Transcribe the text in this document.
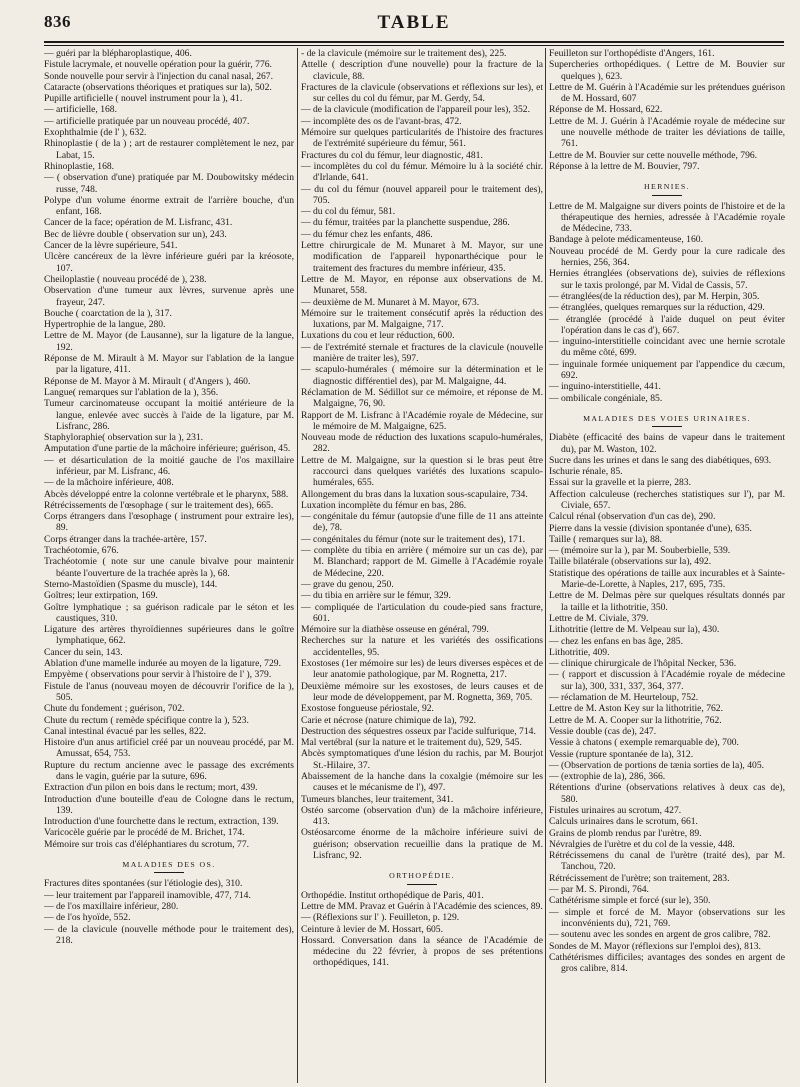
836	TABLE
— guéri par la blépharoplastique, 406.
Fistule lacrymale, et nouvelle opération pour la guérir, 776.
Sonde nouvelle pour servir à l'injection du canal nasal, 267.
Cataracte (observations théoriques et pratiques sur la), 502.
Pupille artificielle ( nouvel instrument pour la ), 41.
— artificielle, 168.
— artificielle pratiquée par un nouveau procédé, 407.
Exophthalmie (de l' ), 632.
Rhinoplastie ( de la ) ; art de restaurer complètement le nez, par Labat, 15.
Rhinoplastie, 168.
— ( observation d'une) pratiquée par M. Doubowitsky médecin russe, 748.
Polype d'un volume énorme extrait de l'arrière bouche, d'un enfant, 168.
Cancer de la face; opération de M. Lisfranc, 431.
Bec de lièvre double ( observation sur un), 243.
Cancer de la lèvre supérieure, 541.
Ulcère cancéreux de la lèvre inférieure guéri par la kréosote, 107.
Cheiloplastie ( nouveau procédé de ), 238.
Observation d'une tumeur aux lèvres, survenue après une frayeur, 247.
Bouche ( coarctation de la ), 317.
Hypertrophie de la langue, 280.
Lettre de M. Mayor (de Lausanne), sur la ligature de la langue, 192.
Réponse de M. Mirault à M. Mayor sur l'ablation de la langue par la ligature, 411.
Réponse de M. Mayor à M. Mirault ( d'Angers ), 460.
Langue( remarques sur l'ablation de la ), 356.
Tumeur carcinomateuse occupant la moitié antérieure de la langue, enlevée avec succès à l'aide de la ligature, par M. Lisfranc, 286.
Staphyloraphie( observation sur la ), 231.
Amputation d'une partie de la mâchoire inférieure; guérison, 45.
— et désarticulation de la moitié gauche de l'os maxillaire inférieur, par M. Lisfranc, 46.
— de la mâchoire inférieure, 408.
Abcès développé entre la colonne vertébrale et le pharynx, 588.
Rétrécissements de l'œsophage ( sur le traitement des), 665.
Corps étrangers dans l'œsophage ( instrument pour extraire les), 89.
Corps étranger dans la trachée-artère, 157.
Trachéotomie, 676.
Trachéotomie ( note sur une canule bivalve pour maintenir béante l'ouverture de la trachée après la ), 68.
Sterno-Mastoïdien (Spasme du muscle), 144.
Goîtres; leur extirpation, 169.
Goître lymphatique ; sa guérison radicale par le séton et les caustiques, 310.
Ligature des artères thyroïdiennes supérieures dans le goître lymphatique, 662.
Cancer du sein, 143.
Ablation d'une mamelle indurée au moyen de la ligature, 729.
Empyème ( observations pour servir à l'histoire de l' ), 379.
Fistule de l'anus (nouveau moyen de découvrir l'orifice de la ), 505.
Chute du fondement ; guérison, 702.
Chute du rectum ( remède spécifique contre la ), 523.
Canal intestinal évacué par les selles, 822.
Histoire d'un anus artificiel créé par un nouveau procédé, par M. Amussat, 654, 753.
Rupture du rectum ancienne avec le passage des excréments dans le vagin, guérie par la suture, 696.
Extraction d'un pilon en bois dans le rectum; mort, 439.
Introduction d'une bouteille d'eau de Cologne dans le rectum, 139.
Introduction d'une fourchette dans le rectum, extraction, 139.
Varicocèle guérie par le procédé de M. Brichet, 174.
Mémoire sur trois cas d'éléphantiares du scrotum, 77.
MALADIES DES OS.
Fractures dites spontanées (sur l'étiologie des), 310.
— leur traitement par l'appareil inamovible, 477, 714.
— de l'os maxillaire inférieur, 280.
— de l'os hyoïde, 552.
— de la clavicule (nouvelle méthode pour le traitement des), 218.
- de la clavicule (mémoire sur le traitement des), 225.
Attelle ( description d'une nouvelle) pour la fracture de la clavicule, 88.
Fractures de la clavicule (observations et réflexions sur les), et sur celles du col du fémur, par M. Gerdy, 54.
— de la clavicule (modification de l'appareil pour les), 352.
— incomplète des os de l'avant-bras, 472.
Mémoire sur quelques particularités de l'histoire des fractures de l'extrémité supérieure du fémur, 561.
Fractures du col du fémur, leur diagnostic, 481.
— incomplètes du col du fémur. Mémoire lu à la société chir. d'Irlande, 641.
— du col du fémur (nouvel appareil pour le traitement des), 705.
— du col du fémur, 581.
— du fémur, traitées par la planchette suspendue, 286.
— du fémur chez les enfants, 486.
Lettre chirurgicale de M. Munaret à M. Mayor, sur une modification de l'appareil hyponarthécique pour le traitement des fractures du membre inférieur, 435.
Lettre de M. Mayor, en réponse aux observations de M. Munaret, 558.
— deuxième de M. Munaret à M. Mayor, 673.
Mémoire sur le traitement consécutif après la réduction des luxations, par M. Malgaigne, 717.
Luxations du cou et leur réduction, 600.
— de l'extrémité sternale et fractures de la clavicule (nouvelle manière de traiter les), 597.
— scapulo-humérales ( mémoire sur la détermination et le diagnostic différentiel des), par M. Malgaigne, 44.
Réclamation de M. Sédillot sur ce mémoire, et réponse de M. Malgaigne, 76, 90.
Rapport de M. Lisfranc à l'Académie royale de Médecine, sur le mémoire de M. Malgaigne, 625.
Nouveau mode de réduction des luxations scapulo-humérales, 282.
Lettre de M. Malgaigne, sur la question si le bras peut être raccourci dans quelques variétés des luxations scapulo-humérales, 655.
Allongement du bras dans la luxation sous-scapulaire, 734.
Luxation incomplète du fémur en bas, 286.
— congénitale du fémur (autopsie d'une fille de 11 ans atteinte de), 78.
— congénitales du fémur (note sur le traitement des), 171.
— complète du tibia en arrière ( mémoire sur un cas de), par M. Blanchard; rapport de M. Gimelle à l'Académie royale de Médecine, 220.
— grave du genou, 250.
— du tibia en arrière sur le fémur, 329.
— compliquée de l'articulation du coude-pied sans fracture, 601.
Mémoire sur la diathèse osseuse en général, 799.
Recherches sur la nature et les variétés des ossifications accidentelles, 95.
Exostoses (1er mémoire sur les) de leurs diverses espèces et de leur anatomie pathologique, par M. Rognetta, 217.
Deuxième mémoire sur les exostoses, de leurs causes et de leur mode de développement, par M. Rognetta, 369, 705.
Exostose fongueuse périostale, 92.
Carie et nécrose (nature chimique de la), 792.
Destruction des séquestres osseux par l'acide sulfurique, 714.
Mal vertébral (sur la nature et le traitement du), 529, 545.
Abcès symptomatiques d'une lésion du rachis, par M. Bourjot St.-Hilaire, 37.
Abaissement de la hanche dans la coxalgie (mémoire sur les causes et le mécanisme de l'), 497.
Tumeurs blanches, leur traitement, 341.
Ostéo sarcome (observation d'un) de la mâchoire inférieure, 413.
Ostéosarcome énorme de la mâchoire inférieure suivi de guérison; observation recueillie dans la pratique de M. Lisfranc, 92.
ORTHOPÉDIE.
Orthopédie. Institut orthopédique de Paris, 401.
Lettre de MM. Pravaz et Guérin à l'Académie des sciences, 89.
— (Réflexions sur l' ). Feuilleton, p. 129.
Ceinture à levier de M. Hossart, 605.
Hossard. Conversation dans la séance de l'Académie de médecine du 22 février, à propos de ses prétentions orthopédiques, 141.
Feuilleton sur l'orthopédiste d'Angers, 161.
Supercheries orthopédiques. ( Lettre de M. Bouvier sur quelques ), 623.
Lettre de M. Guérin à l'Académie sur les prétendues guérison de M. Hossard, 607
Réponse de M. Hossard, 622.
Lettre de M. J. Guérin à l'Académie royale de médecine sur une nouvelle méthode de traiter les déviations de taille, 761.
Lettre de M. Bouvier sur cette nouvelle méthode, 796.
Réponse à la lettre de M. Bouvier, 797.
HERNIES.
Lettre de M. Malgaigne sur divers points de l'histoire et de la thérapeutique des hernies, adressée à l'Académie royale de Médecine, 733.
Bandage à pelote médicamenteuse, 160.
Nouveau procédé de M. Gerdy pour la cure radicale des hernies, 256, 364.
Hernies étranglées (observations de), suivies de réflexions sur le taxis prolongé, par M. Vidal de Cassis, 57.
— étranglées(de la réduction des), par M. Herpin, 305.
— étranglées, quelques remarques sur la réduction, 429.
— étranglée (procédé à l'aide duquel on peut éviter l'opération dans le cas d'), 667.
— inguino-interstitielle coincidant avec une hernie scrotale du même côté, 699.
— inguinale formée uniquement par l'appendice du cæcum, 692.
— inguino-interstitielle, 441.
— ombilicale congéniale, 85.
MALADIES DES VOIES URINAIRES.
Diabète (efficacité des bains de vapeur dans le traitement du), par M. Waston, 102.
Sucre dans les urines et dans le sang des diabétiques, 693.
Ischurie rénale, 85.
Essai sur la gravelle et la pierre, 283.
Affection calculeuse (recherches statistiques sur l'), par M. Civiale, 657.
Calcul rénal (observation d'un cas de), 290.
Pierre dans la vessie (division spontanée d'une), 635.
Taille ( remarques sur la), 88.
— (mémoire sur la ), par M. Souberbielle, 539.
Taille bilatérale (observations sur la), 492.
Statistique des opérations de taille aux incurables et à Sainte-Marie-de-Lorette, à Naples, 217, 695, 735.
Lettre de M. Delmas père sur quelques résultats donnés par la taille et la lithotritie, 350.
Lettre de M. Civiale, 379.
Lithotritie (lettre de M. Velpeau sur la), 430.
— chez les enfans en bas âge, 285.
Lithotritie, 409.
— clinique chirurgicale de l'hôpital Necker, 536.
— ( rapport et discussion à l'Académie royale de médecine sur la), 300, 331, 337, 364, 377.
— réclamation de M. Heurteloup, 752.
Lettre de M. Aston Key sur la lithotritie, 762.
Lettre de M. A. Cooper sur la lithotritie, 762.
Vessie double (cas de), 247.
Vessie à chatons ( exemple remarquable de), 700.
Vessie (rupture spontanée de la), 312.
— (Observation de portions de tænia sorties de la), 405.
— (extrophie de la), 286, 366.
Rétentions d'urine (observations relatives à deux cas de), 580.
Fistules urinaires au scrotum, 427.
Calculs urinaires dans le scrotum, 661.
Grains de plomb rendus par l'urètre, 89.
Névralgies de l'urètre et du col de la vessie, 448.
Rétrécissemens du canal de l'urètre (traité des), par M. Tanchou, 720.
Rétrécissement de l'urètre; son traitement, 283.
— par M. S. Pirondi, 764.
Cathétérisme simple et forcé (sur le), 350.
— simple et forcé de M. Mayor (observations sur les inconvénients du), 721, 769.
— soutenu avec les sondes en argent de gros calibre, 782.
Sondes de M. Mayor (réflexions sur l'emploi des), 813.
Cathétérismes difficiles; avantages des sondes en argent de gros calibre, 814.
